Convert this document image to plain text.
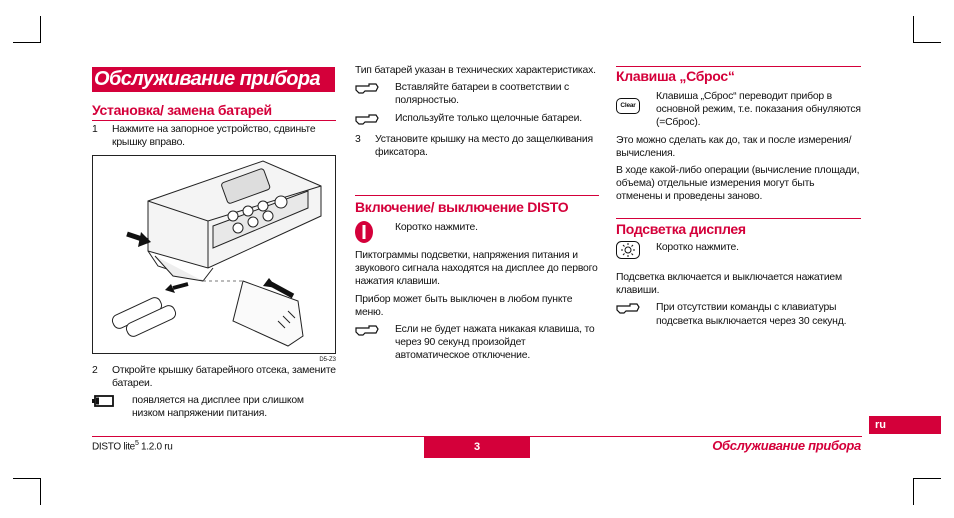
Обслуживание прибора
Установка/ замена батарей
1	Нажмите на запорное устройство, сдвиньте крышку вправо.
D5-Z3
2	Откройте крышку батарейного отсека, замените батареи.
появляется на дисплее при слишком низком напряжении питания.
Тип батарей указан в технических характеристиках.
Вставляйте батареи в соответствии с полярностью.
Используйте только щелочные батареи.
3	Установите крышку на место до защелкивания фиксатора.
Включение/ выключение DISTO
Коротко нажмите.
Пиктограммы подсветки, напряжения питания и звукового сигнала находятся на дисплее до первого нажатия клавиши.
Прибор может быть выключен в любом пункте меню.
Если не будет нажата никакая клавиша, то через 90 секунд произойдет автоматическое отключение.
Клавиша „Сброс“
Clear
Клавиша „Сброс“ переводит прибор в основной режим, т.е. показания обнуляются (=Сброс).
Это можно сделать как до, так и после измерения/ вычисления.
В ходе какой-либо операции (вычисление площади, объема) отдельные измерения могут быть отменены и проведены заново.
Подсветка дисплея
Коротко нажмите.
Подсветка включается и выключается нажатием клавиши.
При отсутствии команды с клавиатуры подсветка выключается через 30 секунд.
ru
DISTO lite$^5$ 1.2.0 ru	3	Обслуживание прибора
